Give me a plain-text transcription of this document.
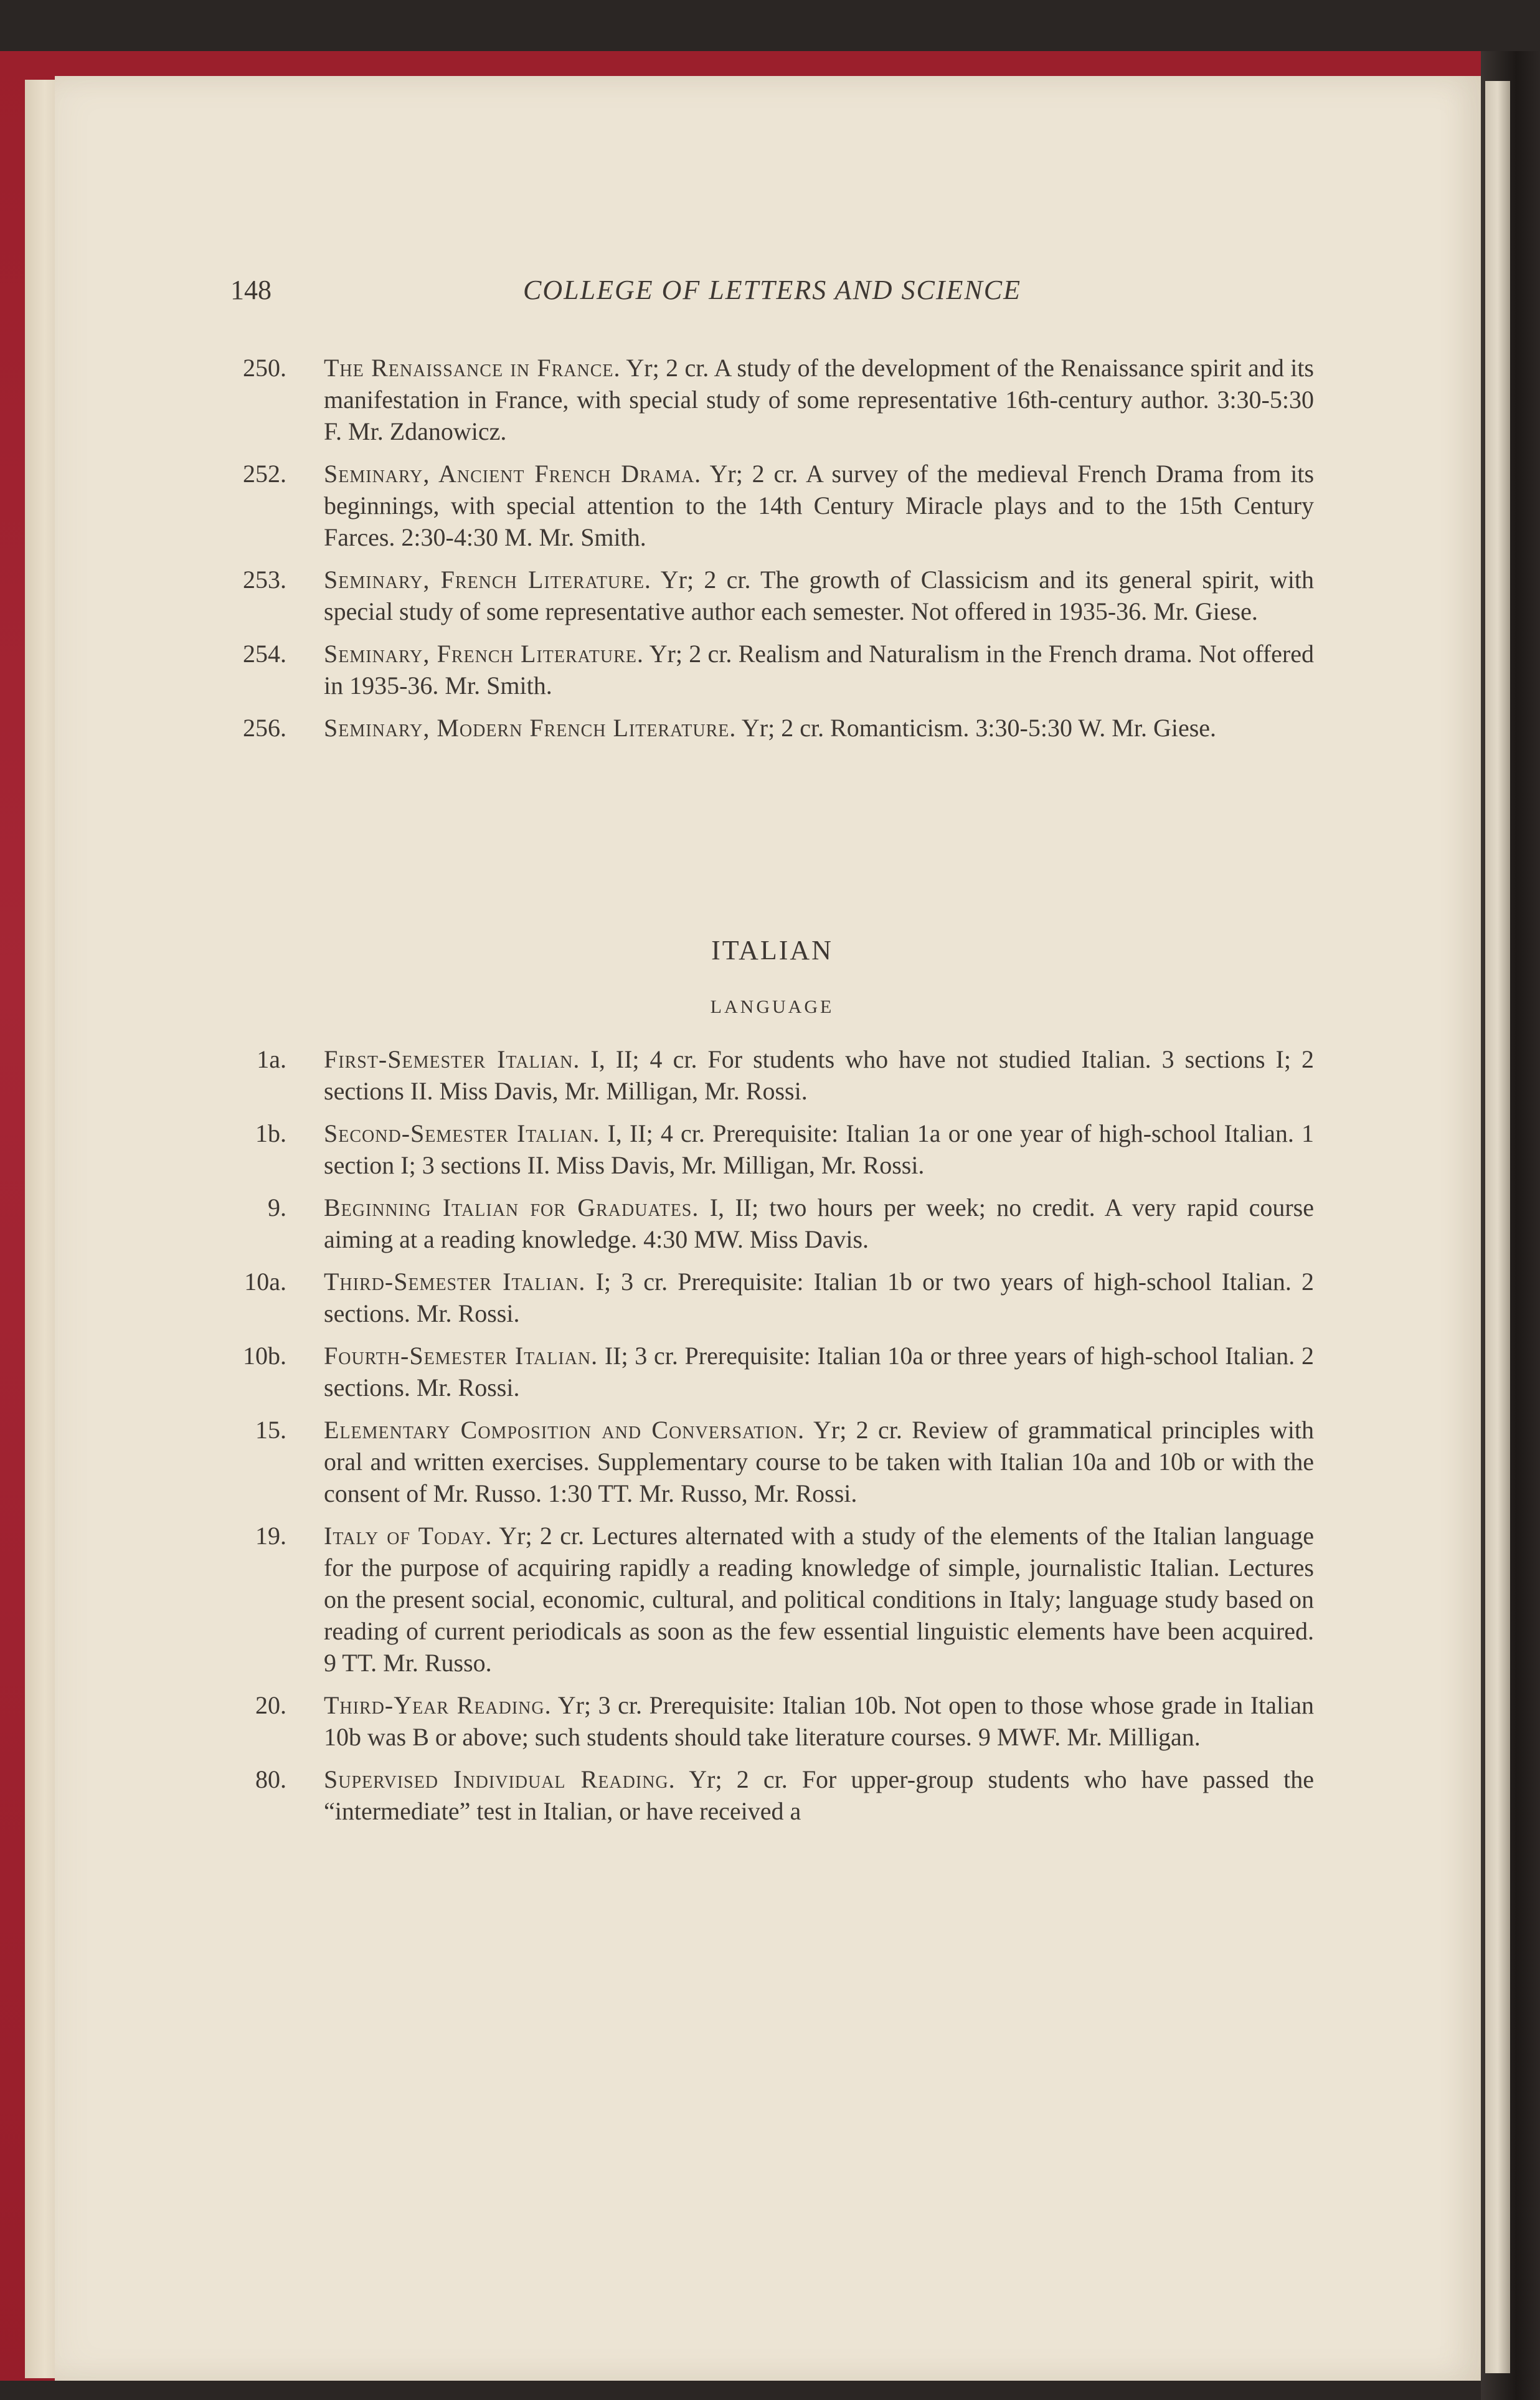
148	COLLEGE OF LETTERS AND SCIENCE
250. The Renaissance in France. Yr; 2 cr. A study of the development of the Renaissance spirit and its manifestation in France, with special study of some representative 16th-century author. 3:30-5:30 F. Mr. Zdanowicz.
252. Seminary, Ancient French Drama. Yr; 2 cr. A survey of the medieval French Drama from its beginnings, with special attention to the 14th Century Miracle plays and to the 15th Century Farces. 2:30-4:30 M. Mr. Smith.
253. Seminary, French Literature. Yr; 2 cr. The growth of Classicism and its general spirit, with special study of some representative author each semester. Not offered in 1935-36. Mr. Giese.
254. Seminary, French Literature. Yr; 2 cr. Realism and Naturalism in the French drama. Not offered in 1935-36. Mr. Smith.
256. Seminary, Modern French Literature. Yr; 2 cr. Romanticism. 3:30-5:30 W. Mr. Giese.
ITALIAN
LANGUAGE
1a. First-Semester Italian. I, II; 4 cr. For students who have not studied Italian. 3 sections I; 2 sections II. Miss Davis, Mr. Milligan, Mr. Rossi.
1b. Second-Semester Italian. I, II; 4 cr. Prerequisite: Italian 1a or one year of high-school Italian. 1 section I; 3 sections II. Miss Davis, Mr. Milligan, Mr. Rossi.
9. Beginning Italian for Graduates. I, II; two hours per week; no credit. A very rapid course aiming at a reading knowledge. 4:30 MW. Miss Davis.
10a. Third-Semester Italian. I; 3 cr. Prerequisite: Italian 1b or two years of high-school Italian. 2 sections. Mr. Rossi.
10b. Fourth-Semester Italian. II; 3 cr. Prerequisite: Italian 10a or three years of high-school Italian. 2 sections. Mr. Rossi.
15. Elementary Composition and Conversation. Yr; 2 cr. Review of grammatical principles with oral and written exercises. Supplementary course to be taken with Italian 10a and 10b or with the consent of Mr. Russo. 1:30 TT. Mr. Russo, Mr. Rossi.
19. Italy of Today. Yr; 2 cr. Lectures alternated with a study of the elements of the Italian language for the purpose of acquiring rapidly a reading knowledge of simple, journalistic Italian. Lectures on the present social, economic, cultural, and political conditions in Italy; language study based on reading of current periodicals as soon as the few essential linguistic elements have been acquired. 9 TT. Mr. Russo.
20. Third-Year Reading. Yr; 3 cr. Prerequisite: Italian 10b. Not open to those whose grade in Italian 10b was B or above; such students should take literature courses. 9 MWF. Mr. Milligan.
80. Supervised Individual Reading. Yr; 2 cr. For upper-group students who have passed the “intermediate” test in Italian, or have received a
